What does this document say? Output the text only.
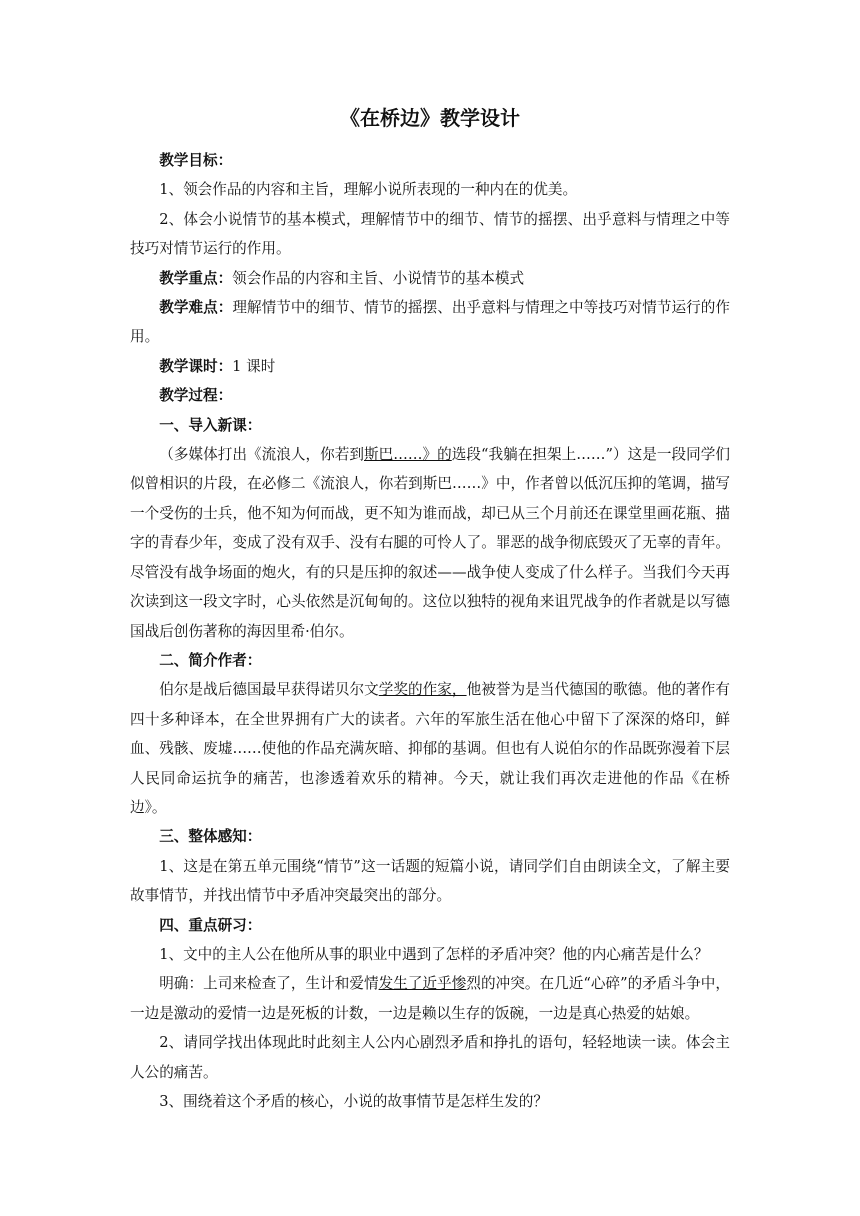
《在桥边》教学设计

教学目标：

1、领会作品的内容和主旨，理解小说所表现的一种内在的优美。

2、体会小说情节的基本模式，理解情节中的细节、情节的摇摆、出乎意料与情理之中等技巧对情节运行的作用。

教学重点：领会作品的内容和主旨、小说情节的基本模式

教学难点：理解情节中的细节、情节的摇摆、出乎意料与情理之中等技巧对情节运行的作用。

教学课时：1 课时

教学过程：

一、导入新课：

（多媒体打出《流浪人，你若到斯巴……》的选段“我躺在担架上……”）这是一段同学们似曾相识的片段，在必修二《流浪人，你若到斯巴……》中，作者曾以低沉压抑的笔调，描写一个受伤的士兵，他不知为何而战，更不知为谁而战，却已从三个月前还在课堂里画花瓶、描字的青春少年，变成了没有双手、没有右腿的可怜人了。罪恶的战争彻底毁灭了无辜的青年。尽管没有战争场面的炮火，有的只是压抑的叙述——战争使人变成了什么样子。当我们今天再次读到这一段文字时，心头依然是沉甸甸的。这位以独特的视角来诅咒战争的作者就是以写德国战后创伤著称的海因里希·伯尔。

二、简介作者：

伯尔是战后德国最早获得诺贝尔文学奖的作家，他被誉为是当代德国的歌德。他的著作有四十多种译本，在全世界拥有广大的读者。六年的军旅生活在他心中留下了深深的烙印，鲜血、残骸、废墟……使他的作品充满灰暗、抑郁的基调。但也有人说伯尔的作品既弥漫着下层人民同命运抗争的痛苦，也渗透着欢乐的精神。今天，就让我们再次走进他的作品《在桥边》。

三、整体感知：

1、这是在第五单元围绕“情节”这一话题的短篇小说，请同学们自由朗读全文，了解主要故事情节，并找出情节中矛盾冲突最突出的部分。

四、重点研习：

1、文中的主人公在他所从事的职业中遇到了怎样的矛盾冲突？他的内心痛苦是什么？

明确：上司来检查了，生计和爱情发生了近乎惨烈的冲突。在几近“心碎”的矛盾斗争中，一边是激动的爱情一边是死板的计数，一边是赖以生存的饭碗，一边是真心热爱的姑娘。

2、请同学找出体现此时此刻主人公内心剧烈矛盾和挣扎的语句，轻轻地读一读。体会主人公的痛苦。

3、围绕着这个矛盾的核心，小说的故事情节是怎样生发的？
